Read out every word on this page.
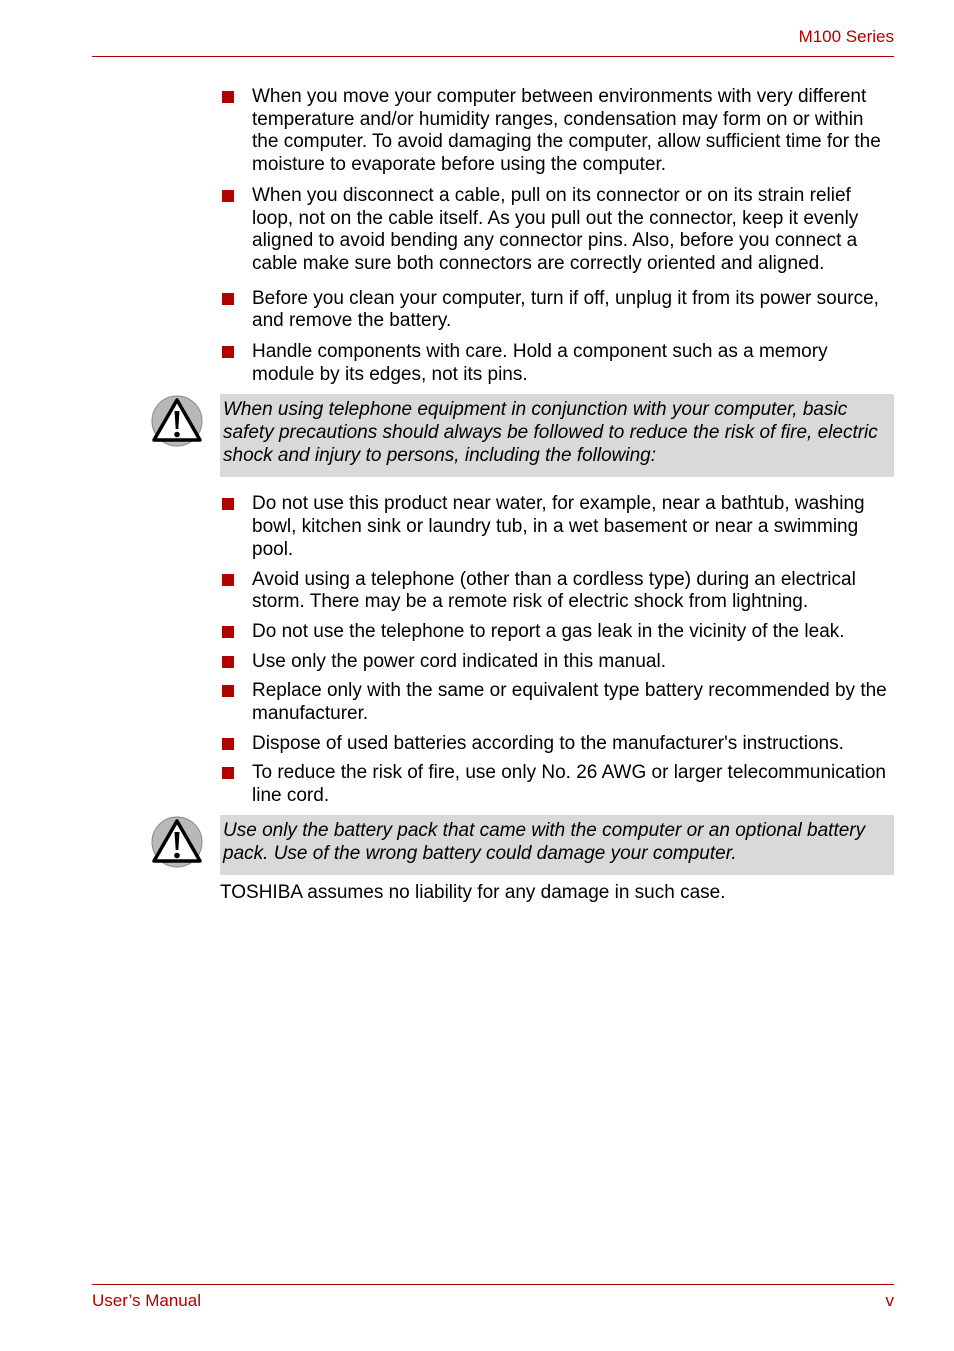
M100 Series
When you move your computer between environments with very different temperature and/or humidity ranges, condensation may form on or within the computer. To avoid damaging the computer, allow sufficient time for the moisture to evaporate before using the computer.
When you disconnect a cable, pull on its connector or on its strain relief loop, not on the cable itself. As you pull out the connector, keep it evenly aligned to avoid bending any connector pins. Also, before you connect a cable make sure both connectors are correctly oriented and aligned.
Before you clean your computer, turn if off, unplug it from its power source, and remove the battery.
Handle components with care. Hold a component such as a memory module by its edges, not its pins.
When using telephone equipment in conjunction with your computer, basic safety precautions should always be followed to reduce the risk of fire, electric shock and injury to persons, including the following:
Do not use this product near water, for example, near a bathtub, washing bowl, kitchen sink or laundry tub, in a wet basement or near a swimming pool.
Avoid using a telephone (other than a cordless type) during an electrical storm. There may be a remote risk of electric shock from lightning.
Do not use the telephone to report a gas leak in the vicinity of the leak.
Use only the power cord indicated in this manual.
Replace only with the same or equivalent type battery recommended by the manufacturer.
Dispose of used batteries according to the manufacturer's instructions.
To reduce the risk of fire, use only No. 26 AWG or larger telecommunication line cord.
Use only the battery pack that came with the computer or an optional battery pack. Use of the wrong battery could damage your computer.
TOSHIBA assumes no liability for any damage in such case.
User’s Manual	v
